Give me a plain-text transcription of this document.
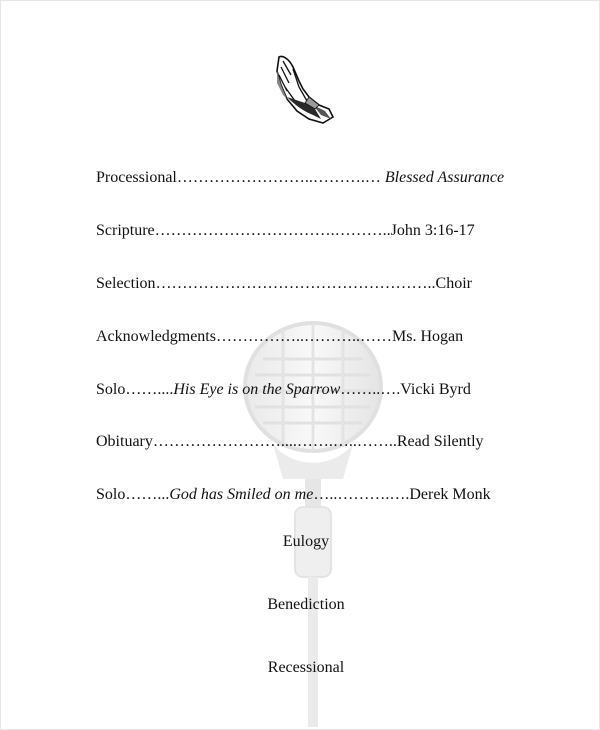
Processional……………………..……….… Blessed Assurance
Scripture…………………………….………..John 3:16-17
Selection……………………………………………..Choir
Acknowledgments……………..………..……Ms. Hogan
Solo……....His Eye is on the Sparrow……..….Vicki Byrd
Obituary……………………....…….…..……..Read Silently
Solo……...God has Smiled on me…..……….….Derek Monk
Eulogy
Benediction
Recessional
